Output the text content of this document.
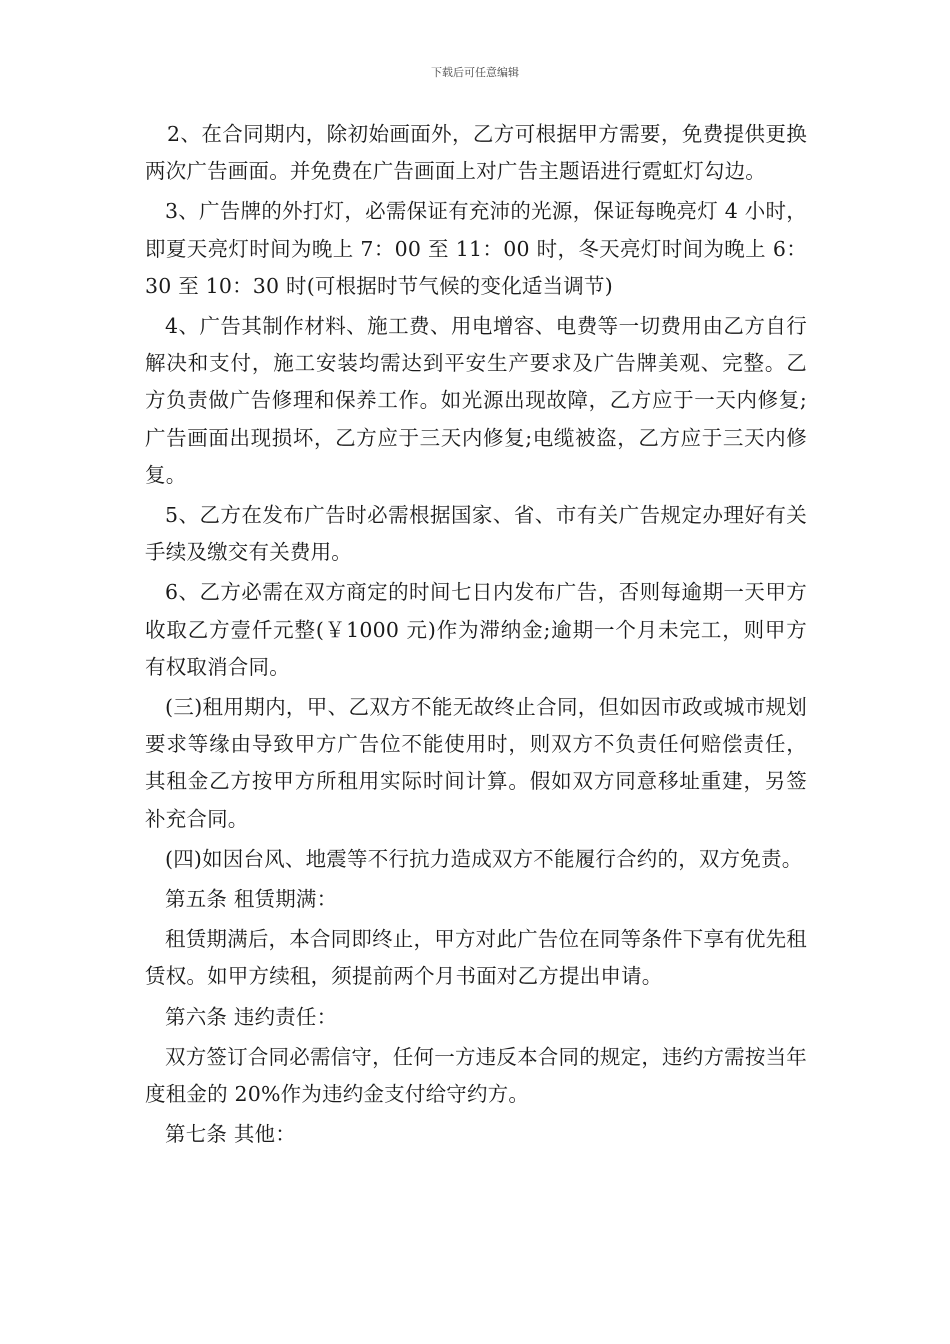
下载后可任意编辑

2、在合同期内，除初始画面外，乙方可根据甲方需要，免费提供更换两次广告画面。并免费在广告画面上对广告主题语进行霓虹灯勾边。

3、广告牌的外打灯，必需保证有充沛的光源，保证每晚亮灯 4 小时，即夏天亮灯时间为晚上 7：00 至 11：00 时，冬天亮灯时间为晚上 6：30 至 10：30 时(可根据时节气候的变化适当调节)

4、广告其制作材料、施工费、用电增容、电费等一切费用由乙方自行解决和支付，施工安装均需达到平安生产要求及广告牌美观、完整。乙方负责做广告修理和保养工作。如光源出现故障，乙方应于一天内修复;广告画面出现损坏，乙方应于三天内修复;电缆被盗，乙方应于三天内修复。

5、乙方在发布广告时必需根据国家、省、市有关广告规定办理好有关手续及缴交有关费用。

6、乙方必需在双方商定的时间七日内发布广告，否则每逾期一天甲方收取乙方壹仟元整(￥1000 元)作为滞纳金;逾期一个月未完工，则甲方有权取消合同。

(三)租用期内，甲、乙双方不能无故终止合同，但如因市政或城市规划要求等缘由导致甲方广告位不能使用时，则双方不负责任何赔偿责任，其租金乙方按甲方所租用实际时间计算。假如双方同意移址重建，另签补充合同。

(四)如因台风、地震等不行抗力造成双方不能履行合约的，双方免责。

第五条 租赁期满：

租赁期满后，本合同即终止，甲方对此广告位在同等条件下享有优先租赁权。如甲方续租，须提前两个月书面对乙方提出申请。

第六条 违约责任：

双方签订合同必需信守，任何一方违反本合同的规定，违约方需按当年度租金的 20%作为违约金支付给守约方。

第七条 其他：
